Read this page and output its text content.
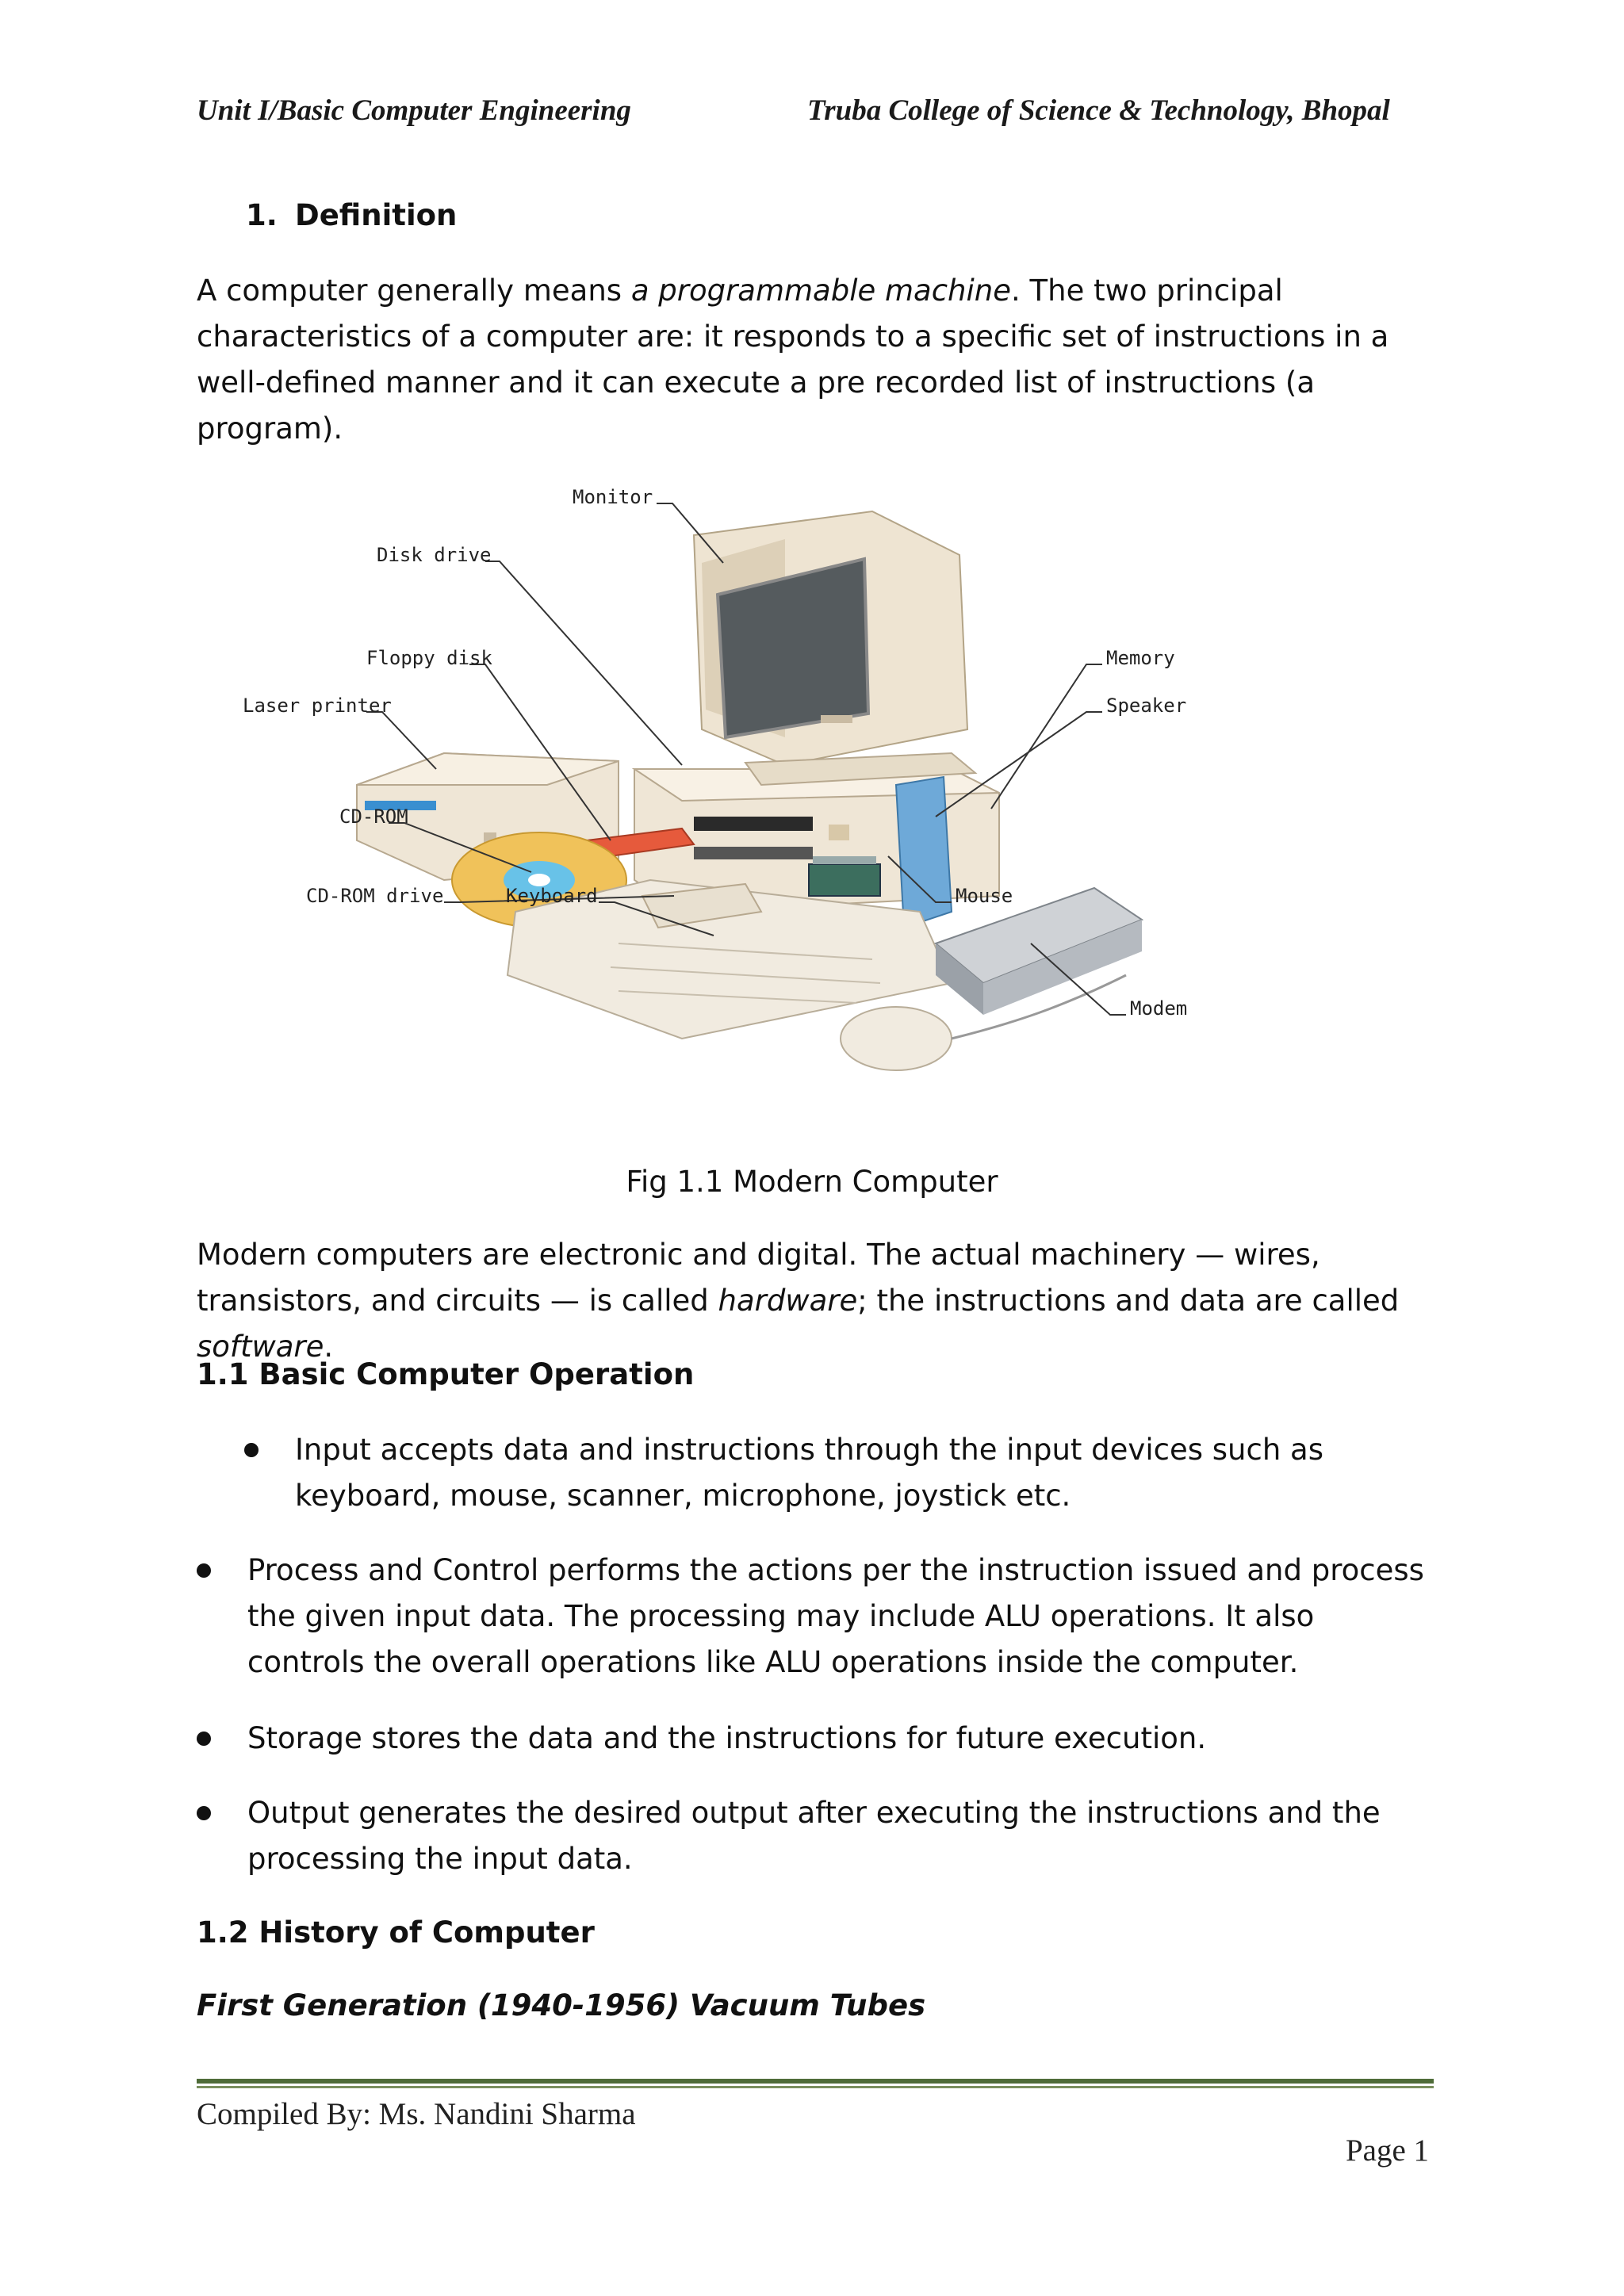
Unit I/Basic Computer Engineering	Truba College of Science & Technology, Bhopal
1. Definition
A computer generally means a programmable machine. The two principal characteristics of a computer are: it responds to a specific set of instructions in a well-defined manner and it can execute a pre recorded list of instructions (a program).
Monitor
Disk drive
Floppy disk
Laser printer
Memory
Speaker
CD-ROM
CD-ROM drive	Keyboard	Mouse
Modem
Fig 1.1 Modern Computer
Modern computers are electronic and digital. The actual machinery — wires, transistors, and circuits — is called hardware; the instructions and data are called software.
1.1 Basic Computer Operation
Input accepts data and instructions through the input devices such as keyboard, mouse, scanner, microphone, joystick etc.
Process and Control performs the actions per the instruction issued and process the given input data. The processing may include ALU operations. It also controls the overall operations like ALU operations inside the computer.
Storage stores the data and the instructions for future execution.
Output generates the desired output after executing the instructions and the processing the input data.
1.2 History of Computer
First Generation (1940-1956) Vacuum Tubes
Compiled By: Ms. Nandini Sharma
Page 1
